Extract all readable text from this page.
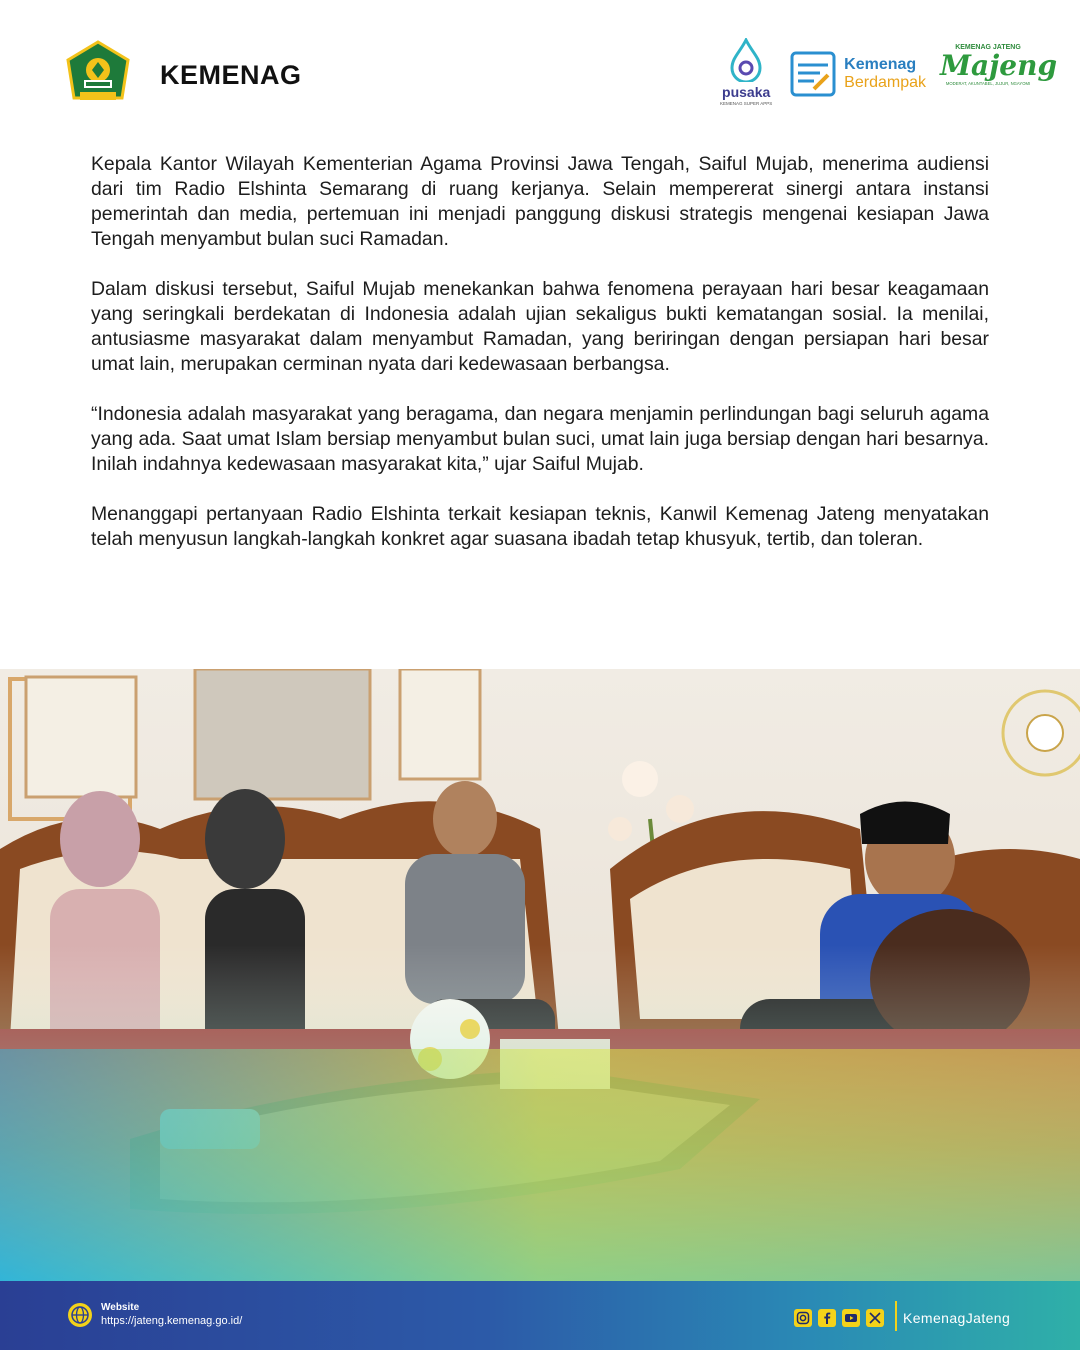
KEMENAG
pusaka
KEMENAG SUPER APPS
Kemenag
Berdampak
KEMENAG JATENG
Majeng
MODERAT, AKUNTABEL, JUJUR, NGAYOMI

Kepala Kantor Wilayah Kementerian Agama Provinsi Jawa Tengah, Saiful Mujab, menerima audiensi dari tim Radio Elshinta Semarang di ruang kerjanya. Selain mempererat sinergi antara instansi pemerintah dan media, pertemuan ini menjadi panggung diskusi strategis mengenai kesiapan Jawa Tengah menyambut bulan suci Ramadan.

Dalam diskusi tersebut, Saiful Mujab menekankan bahwa fenomena perayaan hari besar keagamaan yang seringkali berdekatan di Indonesia adalah ujian sekaligus bukti kematangan sosial. Ia menilai, antusiasme masyarakat dalam menyambut Ramadan, yang beriringan dengan persiapan hari besar umat lain, merupakan cerminan nyata dari kedewasaan berbangsa.

“Indonesia adalah masyarakat yang beragama, dan negara menjamin perlindungan bagi seluruh agama yang ada. Saat umat Islam bersiap menyambut bulan suci, umat lain juga bersiap dengan hari besarnya. Inilah indahnya kedewasaan masyarakat kita,” ujar Saiful Mujab.

Menanggapi pertanyaan Radio Elshinta terkait kesiapan teknis, Kanwil Kemenag Jateng menyatakan telah menyusun langkah-langkah konkret agar suasana ibadah tetap khusyuk, tertib, dan toleran.

Website
https://jateng.kemenag.go.id/	KemenagJateng
